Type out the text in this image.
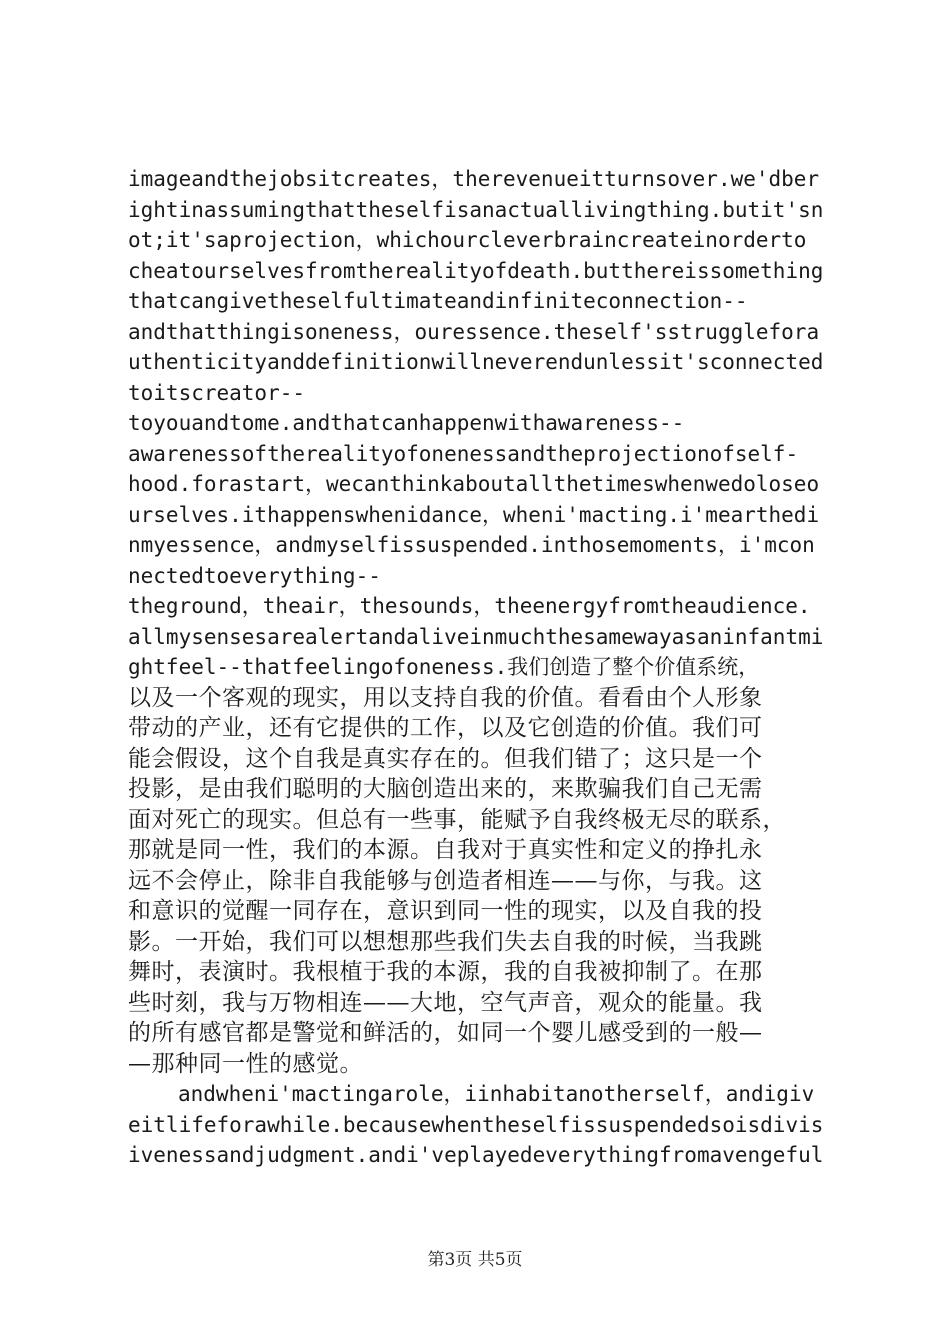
imageandthejobsitcreates，therevenueitturnsover.we'dber
ightinassumingthattheselfisanactuallivingthing.butit'sn
ot;it'saprojection，whichourcleverbraincreateinorderto
cheatourselvesfromtherealityofdeath.butthereissomething
thatcangivetheselfultimateandinfiniteconnection--
andthatthingisoneness，ouressence.theself'sstrugglefora
uthenticityanddefinitionwillneverendunlessit'sconnected
toitscreator--
toyouandtome.andthatcanhappenwithawareness--
awarenessoftherealityofonenessandtheprojectionofself-
hood.forastart，wecanthinkaboutallthetimeswhenwedoloseo
urselves.ithappenswhenidance，wheni'macting.i'mearthedi
nmyessence，andmyselfissuspended.inthosemoments，i'mcon
nectedtoeverything--
theground，theair，thesounds，theenergyfromtheaudience.
allmysensesarealertandaliveinmuchthesamewayasaninfantmi
ghtfeel--thatfeelingofoneness.我们创造了整个价值系统，
以及一个客观的现实，用以支持自我的价值。看看由个人形象
带动的产业，还有它提供的工作，以及它创造的价值。我们可
能会假设，这个自我是真实存在的。但我们错了；这只是一个
投影，是由我们聪明的大脑创造出来的，来欺骗我们自己无需
面对死亡的现实。但总有一些事，能赋予自我终极无尽的联系，
那就是同一性，我们的本源。自我对于真实性和定义的挣扎永
远不会停止，除非自我能够与创造者相连——与你，与我。这
和意识的觉醒一同存在，意识到同一性的现实，以及自我的投
影。一开始，我们可以想想那些我们失去自我的时候，当我跳
舞时，表演时。我根植于我的本源，我的自我被抑制了。在那
些时刻，我与万物相连——大地，空气声音，观众的能量。我
的所有感官都是警觉和鲜活的，如同一个婴儿感受到的一般—
—那种同一性的感觉。
andwheni'mactingarole，iinhabitanotherself，andigiv
eitlifeforawhile.becausewhentheselfissuspendedsoisdivis
ivenessandjudgment.andi'veplayedeverythingfromavengeful
第3页 共5页
